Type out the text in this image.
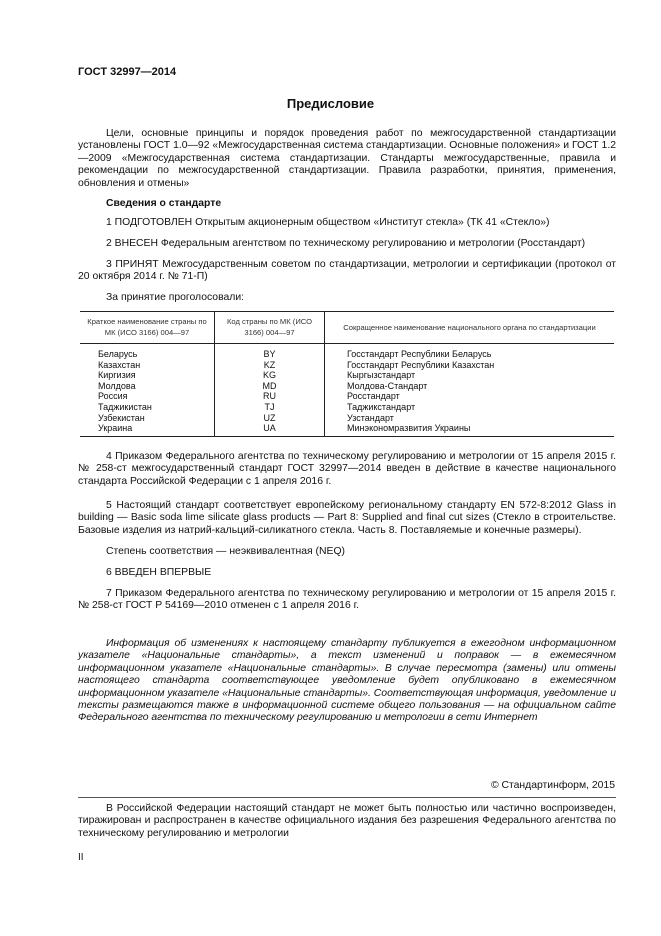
ГОСТ 32997—2014
Предисловие

Цели, основные принципы и порядок проведения работ по межгосударственной стандартизации установлены ГОСТ 1.0—92 «Межгосударственная система стандартизации. Основные положения» и ГОСТ 1.2—2009 «Межгосударственная система стандартизации. Стандарты межгосударственные, правила и рекомендации по межгосударственной стандартизации. Правила разработки, принятия, применения, обновления и отмены»

Сведения о стандарте

1 ПОДГОТОВЛЕН Открытым акционерным обществом «Институт стекла» (ТК 41 «Стекло»)

2 ВНЕСЕН Федеральным агентством по техническому регулированию и метрологии (Росстандарт)

3 ПРИНЯТ Межгосударственным советом по стандартизации, метрологии и сертификации (протокол от 20 октября 2014 г. № 71-П)

За принятие проголосовали:
Краткое наименование страны по МК (ИСО 3166) 004—97	Код страны по МК (ИСО 3166) 004—97	Сокращенное наименование национального органа по стандартизации
Беларусь	BY	Госстандарт Республики Беларусь
Казахстан	KZ	Госстандарт Республики Казахстан
Киргизия	KG	Кыргызстандарт
Молдова	MD	Молдова-Стандарт
Россия	RU	Росстандарт
Таджикистан	TJ	Таджикстандарт
Узбекистан	UZ	Узстандарт
Украина	UA	Минэкономразвития Украины

4 Приказом Федерального агентства по техническому регулированию и метрологии от 15 апреля 2015 г. № 258-ст межгосударственный стандарт ГОСТ 32997—2014 введен в действие в качестве национального стандарта Российской Федерации с 1 апреля 2016 г.

5 Настоящий стандарт соответствует европейскому региональному стандарту EN 572-8:2012 Glass in building — Basic soda lime silicate glass products — Part 8: Supplied and final cut sizes (Стекло в строительстве. Базовые изделия из натрий-кальций-силикатного стекла. Часть 8. Поставляемые и конечные размеры).

Степень соответствия — неэквивалентная (NEQ)

6 ВВЕДЕН ВПЕРВЫЕ

7 Приказом Федерального агентства по техническому регулированию и метрологии от 15 апреля 2015 г. № 258-ст ГОСТ Р 54169—2010 отменен с 1 апреля 2016 г.

Информация об изменениях к настоящему стандарту публикуется в ежегодном информационном указателе «Национальные стандарты», а текст изменений и поправок — в ежемесячном информационном указателе «Национальные стандарты». В случае пересмотра (замены) или отмены настоящего стандарта соответствующее уведомление будет опубликовано в ежемесячном информационном указателе «Национальные стандарты». Соответствующая информация, уведомление и тексты размещаются также в информационной системе общего пользования — на официальном сайте Федерального агентства по техническому регулированию и метрологии в сети Интернет
© Стандартинформ, 2015
В Российской Федерации настоящий стандарт не может быть полностью или частично воспроизведен, тиражирован и распространен в качестве официального издания без разрешения Федерального агентства по техническому регулированию и метрологии
II
